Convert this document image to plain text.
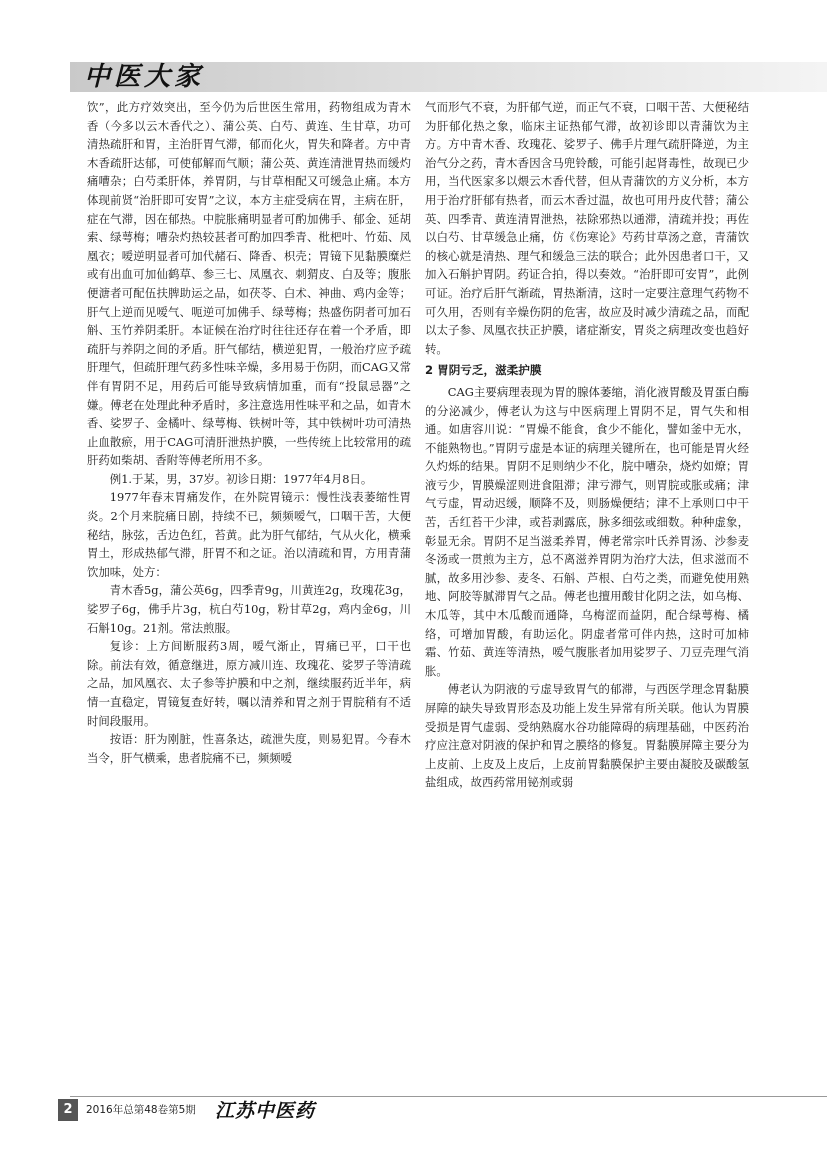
中医大家

饮”，此方疗效突出，至今仍为后世医生常用，药物组成为青木香（今多以云木香代之）、蒲公英、白芍、黄连、生甘草，功可清热疏肝和胃，主治肝胃气滞，郁而化火，胃失和降者。方中青木香疏肝达郁，可使郁解而气顺；蒲公英、黄连清泄胃热而缓灼痛嘈杂；白芍柔肝体，养胃阴，与甘草相配又可缓急止痛。本方体现前贤“治肝即可安胃”之议，本方主症受病在胃，主病在肝，症在气滞，因在郁热。中脘胀痛明显者可酌加佛手、郁金、延胡索、绿萼梅；嘈杂灼热较甚者可酌加四季青、枇杷叶、竹茹、凤凰衣；嗳逆明显者可加代赭石、降香、枳壳；胃镜下见黏膜糜烂或有出血可加仙鹤草、参三七、凤凰衣、刺猬皮、白及等；腹胀便溏者可配伍扶脾助运之品，如茯苓、白术、神曲、鸡内金等；肝气上逆而见嗳气、呃逆可加佛手、绿萼梅；热盛伤阴者可加石斛、玉竹养阴柔肝。本证候在治疗时往往还存在着一个矛盾，即疏肝与养阴之间的矛盾。肝气郁结，横逆犯胃，一般治疗应予疏肝理气，但疏肝理气药多性味辛燥，多用易于伤阴，而CAG又常伴有胃阴不足，用药后可能导致病情加重，而有“投鼠忌器”之嫌。傅老在处理此种矛盾时，多注意选用性味平和之品，如青木香、娑罗子、金橘叶、绿萼梅、铁树叶等，其中铁树叶功可清热止血散瘀，用于CAG可清肝泄热护膜，一些传统上比较常用的疏肝药如柴胡、香附等傅老所用不多。

例1.于某，男，37岁。初诊日期：1977年4月8日。

1977年春末胃痛发作，在外院胃镜示：慢性浅表萎缩性胃炎。2个月来脘痛日剧，持续不已，频频嗳气，口咽干苦，大便秘结，脉弦，舌边色红，苔黄。此为肝气郁结，气从火化，横乘胃土，形成热郁气滞，肝胃不和之证。治以清疏和胃，方用青蒲饮加味，处方：

青木香5g，蒲公英6g，四季青9g，川黄连2g，玫瑰花3g，娑罗子6g，佛手片3g，杭白芍10g，粉甘草2g，鸡内金6g，川石斛10g。21剂。常法煎服。

复诊：上方间断服药3周，嗳气渐止，胃痛已平，口干也除。前法有效，循意继进，原方减川连、玫瑰花、娑罗子等清疏之品，加风凰衣、太子参等护膜和中之剂，继续服药近半年，病情一直稳定，胃镜复查好转，嘱以清养和胃之剂于胃脘稍有不适时间段服用。

按语：肝为刚脏，性喜条达，疏泄失度，则易犯胃。今春木当令，肝气横乘，患者脘痛不已，频频嗳

气而形气不衰，为肝郁气逆，而正气不衰，口咽干苦、大便秘结为肝郁化热之象，临床主证热郁气滞，故初诊即以青蒲饮为主方。方中青木香、玫瑰花、娑罗子、佛手片理气疏肝降逆，为主治气分之药，青木香因含马兜铃酸，可能引起肾毒性，故现已少用，当代医家多以煨云木香代替，但从青蒲饮的方义分析，本方用于治疗肝郁有热者，而云木香过温，故也可用丹皮代替；蒲公英、四季青、黄连清胃泄热，祛除邪热以通滞，清疏并投；再佐以白芍、甘草缓急止痛，仿《伤寒论》芍药甘草汤之意，青蒲饮的核心就是清热、理气和缓急三法的联合；此外因患者口干，又加入石斛护胃阴。药证合拍，得以奏效。“治肝即可安胃”，此例可证。治疗后肝气渐疏，胃热渐清，这时一定要注意理气药物不可久用，否则有辛燥伤阴的危害，故应及时减少清疏之品，而配以太子参、凤凰衣扶正护膜，诸症渐安，胃炎之病理改变也趋好转。

2 胃阴亏乏，滋柔护膜

CAG主要病理表现为胃的腺体萎缩，消化液胃酸及胃蛋白酶的分泌减少，傅老认为这与中医病理上胃阴不足，胃气失和相通。如唐容川说：“胃燥不能食，食少不能化，譬如釜中无水，不能熟物也。”胃阴亏虚是本证的病理关键所在，也可能是胃火经久灼烁的结果。胃阴不足则纳少不化，脘中嘈杂，烧灼如燎；胃液亏少，胃膜燥涩则进食阻滞；津亏滞气，则胃脘或胀或痛；津气亏虚，胃动迟缓，顺降不及，则肠燥便结；津不上承则口中干苦，舌红苔干少津，或苔剥露底，脉多细弦或细数。种种虚象，彰显无余。胃阴不足当滋柔养胃，傅老常宗叶氏养胃汤、沙参麦冬汤或一贯煎为主方，总不离滋养胃阴为治疗大法，但求滋而不腻，故多用沙参、麦冬、石斛、芦根、白芍之类，而避免使用熟地、阿胶等腻滞胃气之品。傅老也擅用酸甘化阴之法，如乌梅、木瓜等，其中木瓜酸而通降，乌梅涩而益阴，配合绿萼梅、橘络，可增加胃酸，有助运化。阴虚者常可伴内热，这时可加柿霜、竹茹、黄连等清热，嗳气腹胀者加用娑罗子、刀豆壳理气消胀。

傅老认为阴液的亏虚导致胃气的郁滞，与西医学理念胃黏膜屏障的缺失导致胃形态及功能上发生异常有所关联。他认为胃膜受损是胃气虚弱、受纳熟腐水谷功能障碍的病理基础，中医药治疗应注意对阴液的保护和胃之膜络的修复。胃黏膜屏障主要分为上皮前、上皮及上皮后，上皮前胃黏膜保护主要由凝胶及碳酸氢盐组成，故西药常用铋剂或弱

2	2016年总第48卷第5期 江苏中医药
